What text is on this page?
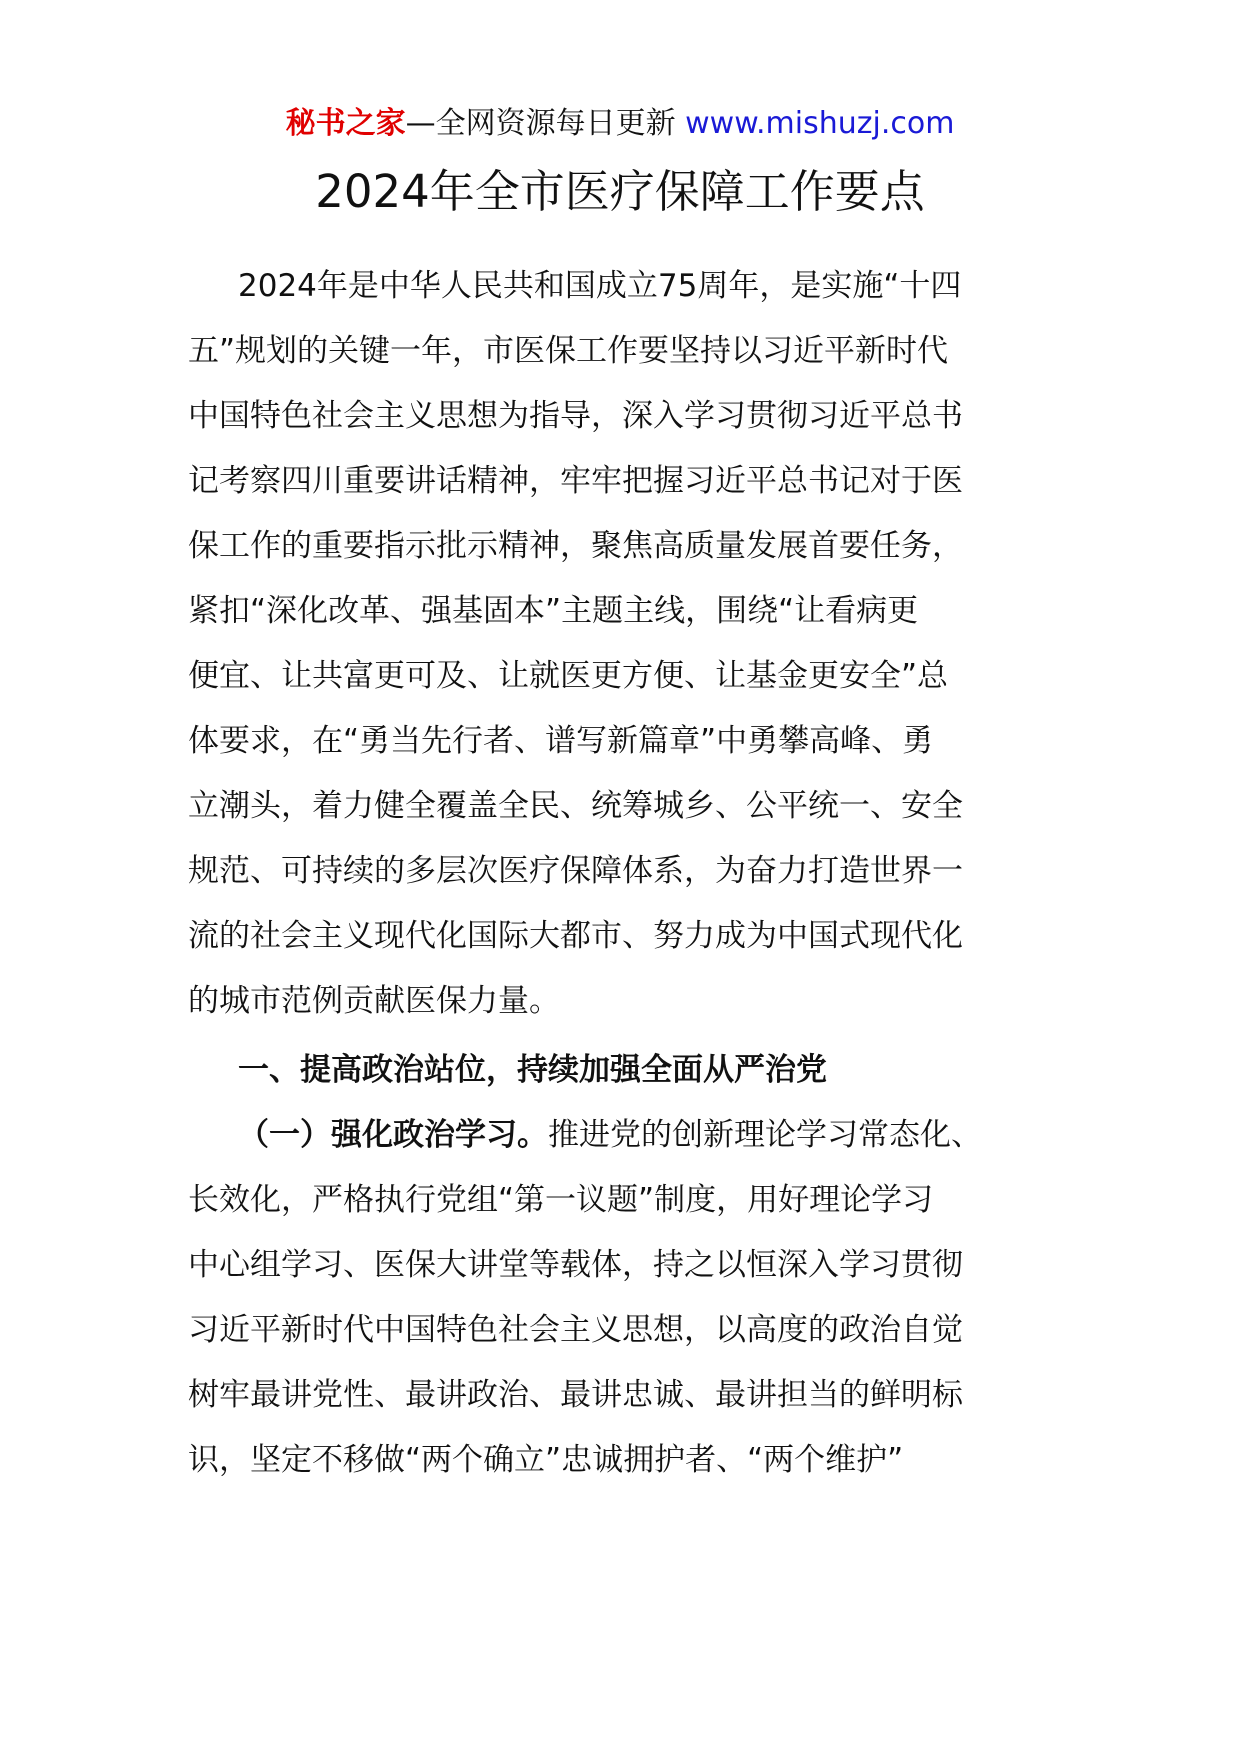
秘书之家—全网资源每日更新 www.mishuzj.com
2024年全市医疗保障工作要点
2024年是中华人民共和国成立75周年，是实施“十四
五”规划的关键一年，市医保工作要坚持以习近平新时代
中国特色社会主义思想为指导，深入学习贯彻习近平总书
记考察四川重要讲话精神，牢牢把握习近平总书记对于医
保工作的重要指示批示精神，聚焦高质量发展首要任务，
紧扣“深化改革、强基固本”主题主线，围绕“让看病更
便宜、让共富更可及、让就医更方便、让基金更安全”总
体要求，在“勇当先行者、谱写新篇章”中勇攀高峰、勇
立潮头，着力健全覆盖全民、统筹城乡、公平统一、安全
规范、可持续的多层次医疗保障体系，为奋力打造世界一
流的社会主义现代化国际大都市、努力成为中国式现代化
的城市范例贡献医保力量。
一、提高政治站位，持续加强全面从严治党
（一）强化政治学习。推进党的创新理论学习常态化、
长效化，严格执行党组“第一议题”制度，用好理论学习
中心组学习、医保大讲堂等载体，持之以恒深入学习贯彻
习近平新时代中国特色社会主义思想，以高度的政治自觉
树牢最讲党性、最讲政治、最讲忠诚、最讲担当的鲜明标
识，坚定不移做“两个确立”忠诚拥护者、“两个维护”
